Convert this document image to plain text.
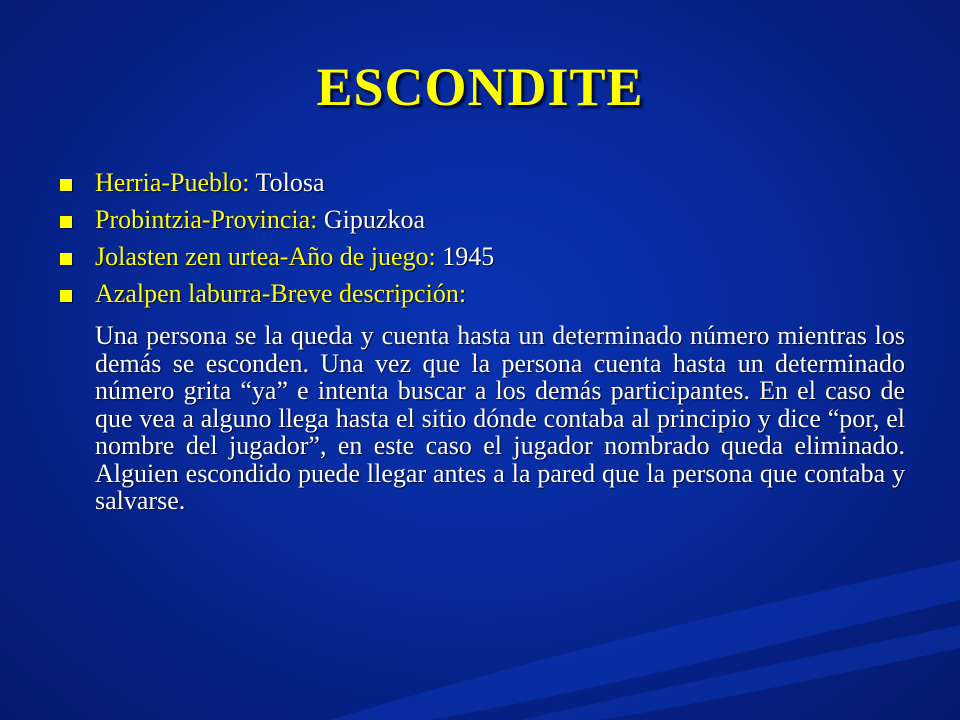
ESCONDITE
Herria-Pueblo: Tolosa
Probintzia-Provincia: Gipuzkoa
Jolasten zen urtea-Año de juego: 1945
Azalpen laburra-Breve descripción:

Una persona se la queda y cuenta hasta un determinado número mientras los demás se esconden. Una vez que la persona cuenta hasta un determinado número grita “ya” e intenta buscar a los demás participantes. En el caso de que vea a alguno llega hasta el sitio dónde contaba al principio y dice “por, el nombre del jugador”, en este caso el jugador nombrado queda eliminado. Alguien escondido puede llegar antes a la pared que la persona que contaba y salvarse.
